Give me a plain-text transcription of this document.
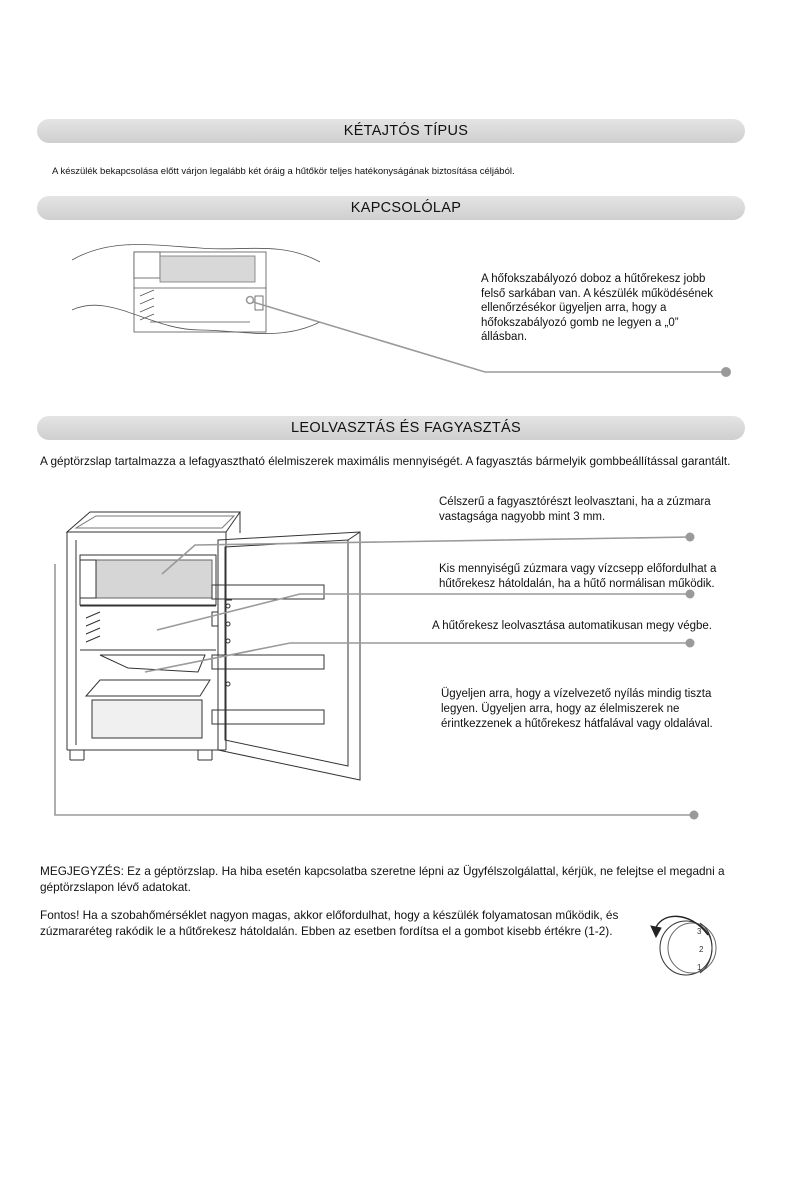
KÉTAJTÓS TÍPUS

A készülék bekapcsolása előtt várjon legalább két óráig a hűtőkör teljes hatékonyságának biztosítása céljából.

KAPCSOLÓLAP
A hőfokszabályozó doboz a hűtőrekesz jobb
felső sarkában van. A készülék működésének
ellenőrzésékor ügyeljen arra, hogy a
hőfokszabályozó gomb ne legyen a „0”
állásban.
LEOLVASZTÁS ÉS FAGYASZTÁS

A géptörzslap tartalmazza a lefagyasztható élelmiszerek maximális mennyiségét. A fagyasztás bármelyik gombbeállítással garantált.

Célszerű a fagyasztórészt leolvasztani, ha a zúzmara
vastagsága nagyobb mint 3 mm.
Kis mennyiségű zúzmara vagy vízcsepp előfordulhat a
hűtőrekesz hátoldalán, ha a hűtő normálisan működik.
A hűtőrekesz leolvasztása automatikusan megy végbe.
Ügyeljen arra, hogy a vízelvezető nyílás mindig tiszta
legyen. Ügyeljen arra, hogy az élelmiszerek ne
érintkezzenek a hűtőrekesz hátfalával vagy oldalával.
MEGJEGYZÉS: Ez a géptörzslap. Ha hiba esetén kapcsolatba szeretne lépni az Ügyfélszolgálattal, kérjük, ne felejtse el megadni a
géptörzslapon lévő adatokat.
Fontos! Ha a szobahőmérséklet nagyon magas, akkor előfordulhat, hogy a készülék folyamatosan működik, és
zúzmararéteg rakódik le a hűtőrekesz hátoldalán. Ebben az esetben fordítsa el a gombot kisebb értékre (1-2).	3
2
1
